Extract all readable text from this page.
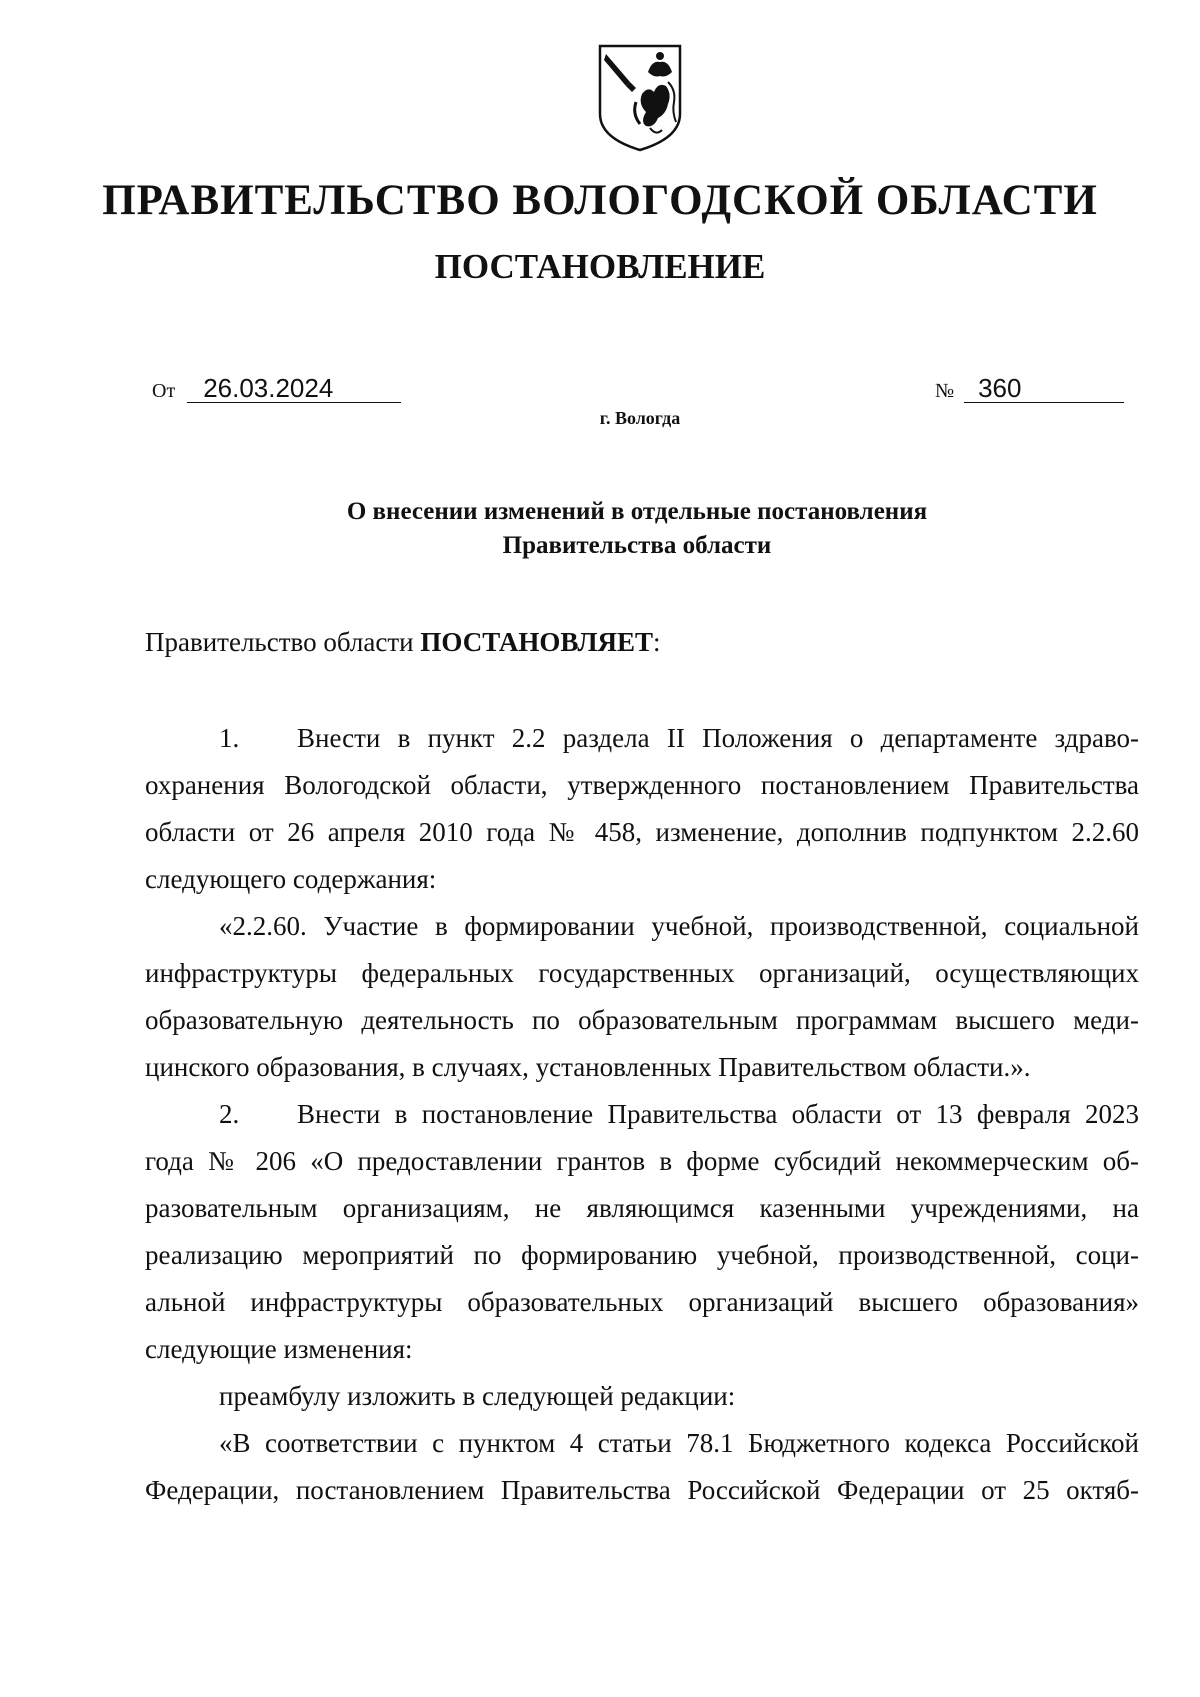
ПРАВИТЕЛЬСТВО ВОЛОГОДСКОЙ ОБЛАСТИ
ПОСТАНОВЛЕНИЕ
От 26.03.2024	№ 360
г. Вологда
О внесении изменений в отдельные постановления
Правительства области
Правительство области ПОСТАНОВЛЯЕТ:
1. Внести в пункт 2.2 раздела II Положения о департаменте здраво-
охранения Вологодской области, утвержденного постановлением Правительства
области от 26 апреля 2010 года № 458, изменение, дополнив подпунктом 2.2.60
следующего содержания:
«2.2.60. Участие в формировании учебной, производственной, социальной
инфраструктуры федеральных государственных организаций, осуществляющих
образовательную деятельность по образовательным программам высшего меди-
цинского образования, в случаях, установленных Правительством области.».
2. Внести в постановление Правительства области от 13 февраля 2023
года № 206 «О предоставлении грантов в форме субсидий некоммерческим об-
разовательным организациям, не являющимся казенными учреждениями, на
реализацию мероприятий по формированию учебной, производственной, соци-
альной инфраструктуры образовательных организаций высшего образования»
следующие изменения:
преамбулу изложить в следующей редакции:
«В соответствии с пунктом 4 статьи 78.1 Бюджетного кодекса Российской
Федерации, постановлением Правительства Российской Федерации от 25 октяб-
